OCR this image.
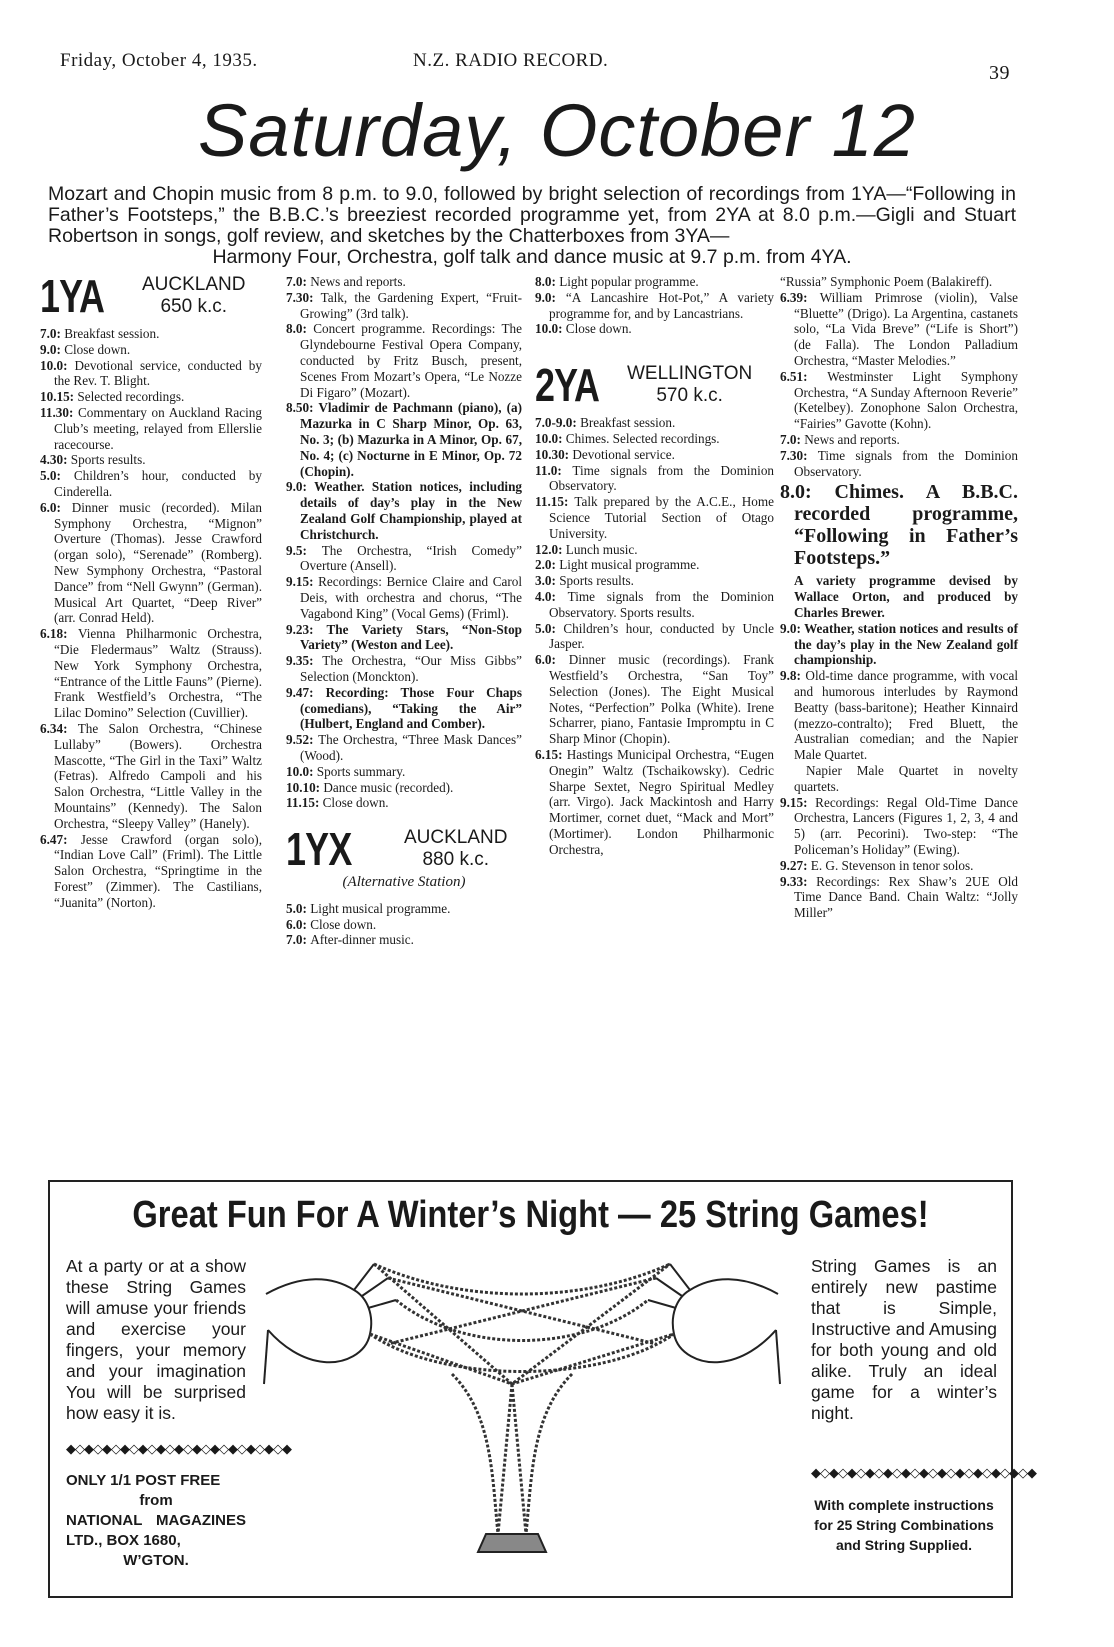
Friday, October 4, 1935.	N.Z. RADIO RECORD.
39
Saturday, October 12

Mozart and Chopin music from 8 p.m. to 9.0, followed by bright selection of recordings from 1YA—“Following in Father’s Footsteps,” the B.B.C.’s breeziest recorded programme yet, from 2YA at 8.0 p.m.—Gigli and Stuart Robertson in songs, golf review, and sketches by the Chatterboxes from 3YA—
Harmony Four, Orchestra, golf talk and dance music at 9.7 p.m. from 4YA.

1YA AUCKLAND
650 k.c.

7.0: Breakfast session.

9.0: Close down.

10.0: Devotional service, conducted by the Rev. T. Blight.

10.15: Selected recordings.

11.30: Commentary on Auckland Racing Club’s meeting, relayed from Ellerslie racecourse.

4.30: Sports results.

5.0: Children’s hour, conducted by Cinderella.

6.0: Dinner music (recorded). Milan Symphony Orchestra, “Mignon” Overture (Thomas). Jesse Crawford (organ solo), “Serenade” (Romberg). New Symphony Orchestra, “Pastoral Dance” from “Nell Gwynn” (German). Musical Art Quartet, “Deep River” (arr. Conrad Held).

6.18: Vienna Philharmonic Orchestra, “Die Fledermaus” Waltz (Strauss). New York Symphony Orchestra, “Entrance of the Little Fauns” (Pierne). Frank Westfield’s Orchestra, “The Lilac Domino” Selection (Cuvillier).

6.34: The Salon Orchestra, “Chinese Lullaby” (Bowers). Orchestra Mascotte, “The Girl in the Taxi” Waltz (Fetras). Alfredo Campoli and his Salon Orchestra, “Little Valley in the Mountains” (Kennedy). The Salon Orchestra, “Sleepy Valley” (Hanely).

6.47: Jesse Crawford (organ solo), “Indian Love Call” (Friml). The Little Salon Orchestra, “Springtime in the Forest” (Zimmer). The Castilians, “Juanita” (Norton).

7.0: News and reports.

7.30: Talk, the Gardening Expert, “Fruit-Growing” (3rd talk).

8.0: Concert programme. Recordings: The Glyndebourne Festival Opera Company, conducted by Fritz Busch, present, Scenes From Mozart’s Opera, “Le Nozze Di Figaro” (Mozart).

8.50: Vladimir de Pachmann (piano), (a) Mazurka in C Sharp Minor, Op. 63, No. 3; (b) Mazurka in A Minor, Op. 67, No. 4; (c) Nocturne in E Minor, Op. 72 (Chopin).

9.0: Weather. Station notices, including details of day’s play in the New Zealand Golf Championship, played at Christchurch.

9.5: The Orchestra, “Irish Comedy” Overture (Ansell).

9.15: Recordings: Bernice Claire and Carol Deis, with orchestra and chorus, “The Vagabond King” (Vocal Gems) (Friml).

9.23: The Variety Stars, “Non-Stop Variety” (Weston and Lee).

9.35: The Orchestra, “Our Miss Gibbs” Selection (Monckton).

9.47: Recording: Those Four Chaps (comedians), “Taking the Air” (Hulbert, England and Comber).

9.52: The Orchestra, “Three Mask Dances” (Wood).

10.0: Sports summary.

10.10: Dance music (recorded).

11.15: Close down.

1YX	AUCKLAND
880 k.c.

(Alternative Station)

5.0: Light musical programme.

6.0: Close down.

7.0: After-dinner music.

8.0: Light popular programme.

9.0: “A Lancashire Hot-Pot,” A variety programme for, and by Lancastrians.

10.0: Close down.

2YA WELLINGTON
570 k.c.

7.0-9.0: Breakfast session.

10.0: Chimes. Selected recordings.

10.30: Devotional service.

11.0: Time signals from the Dominion Observatory.

11.15: Talk prepared by the A.C.E., Home Science Tutorial Section of Otago University.

12.0: Lunch music.

2.0: Light musical programme.

3.0: Sports results.

4.0: Time signals from the Dominion Observatory. Sports results.

5.0: Children’s hour, conducted by Uncle Jasper.

6.0: Dinner music (recordings). Frank Westfield’s Orchestra, “San Toy” Selection (Jones). The Eight Musical Notes, “Perfection” Polka (White). Irene Scharrer, piano, Fantasie Impromptu in C Sharp Minor (Chopin).

6.15: Hastings Municipal Orchestra, “Eugen Onegin” Waltz (Tschaikowsky). Cedric Sharpe Sextet, Negro Spiritual Medley (arr. Virgo). Jack Mackintosh and Harry Mortimer, cornet duet, “Mack and Mort” (Mortimer). London Philharmonic Orchestra,

“Russia” Symphonic Poem (Balakireff).

6.39: William Primrose (violin), Valse “Bluette” (Drigo). La Argentina, castanets solo, “La Vida Breve” (“Life is Short”) (de Falla). The London Palladium Orchestra, “Master Melodies.”

6.51: Westminster Light Symphony Orchestra, “A Sunday Afternoon Reverie” (Ketelbey). Zonophone Salon Orchestra, “Fairies” Gavotte (Kohn).

7.0: News and reports.

7.30: Time signals from the Dominion Observatory.

8.0: Chimes. A B.B.C. recorded programme, “Following in Father’s Footsteps.”

A variety programme devised by Wallace Orton, and produced by Charles Brewer.

9.0: Weather, station notices and results of the day’s play in the New Zealand golf championship.

9.8: Old-time dance programme, with vocal and humorous interludes by Raymond Beatty (bass-baritone); Heather Kinnaird (mezzo-contralto); Fred Bluett, the Australian comedian; and the Napier Male Quartet.

Napier Male Quartet in novelty quartets.

9.15: Recordings: Regal Old-Time Dance Orchestra, Lancers (Figures 1, 2, 3, 4 and 5) (arr. Pecorini). Two-step: “The Policeman’s Holiday” (Ewing).

9.27: E. G. Stevenson in tenor solos.

9.33: Recordings: Rex Shaw’s 2UE Old Time Dance Band. Chain Waltz: “Jolly Miller”

Great Fun For A Winter’s Night — 25 String Games!
At a party or at a show these String Games will amuse your friends and exercise your fingers, your memory and your imagination You will be surprised how easy it is.
◆◇◆◇◆◇◆◇◆◇◆◇◆◇◆◇◆◇◆◇◆◇◆◇◆
ONLY 1/1 POST FREE
from
NATIONAL MAGAZINES LTD., BOX 1680,
W’GTON.
String Games is an entirely new pastime that is Simple, Instructive and Amusing for both young and old alike. Truly an ideal game for a winter’s night.
◆◇◆◇◆◇◆◇◆◇◆◇◆◇◆◇◆◇◆◇◆◇◆◇◆
With complete instructions for 25 String Combinations and String Supplied.
